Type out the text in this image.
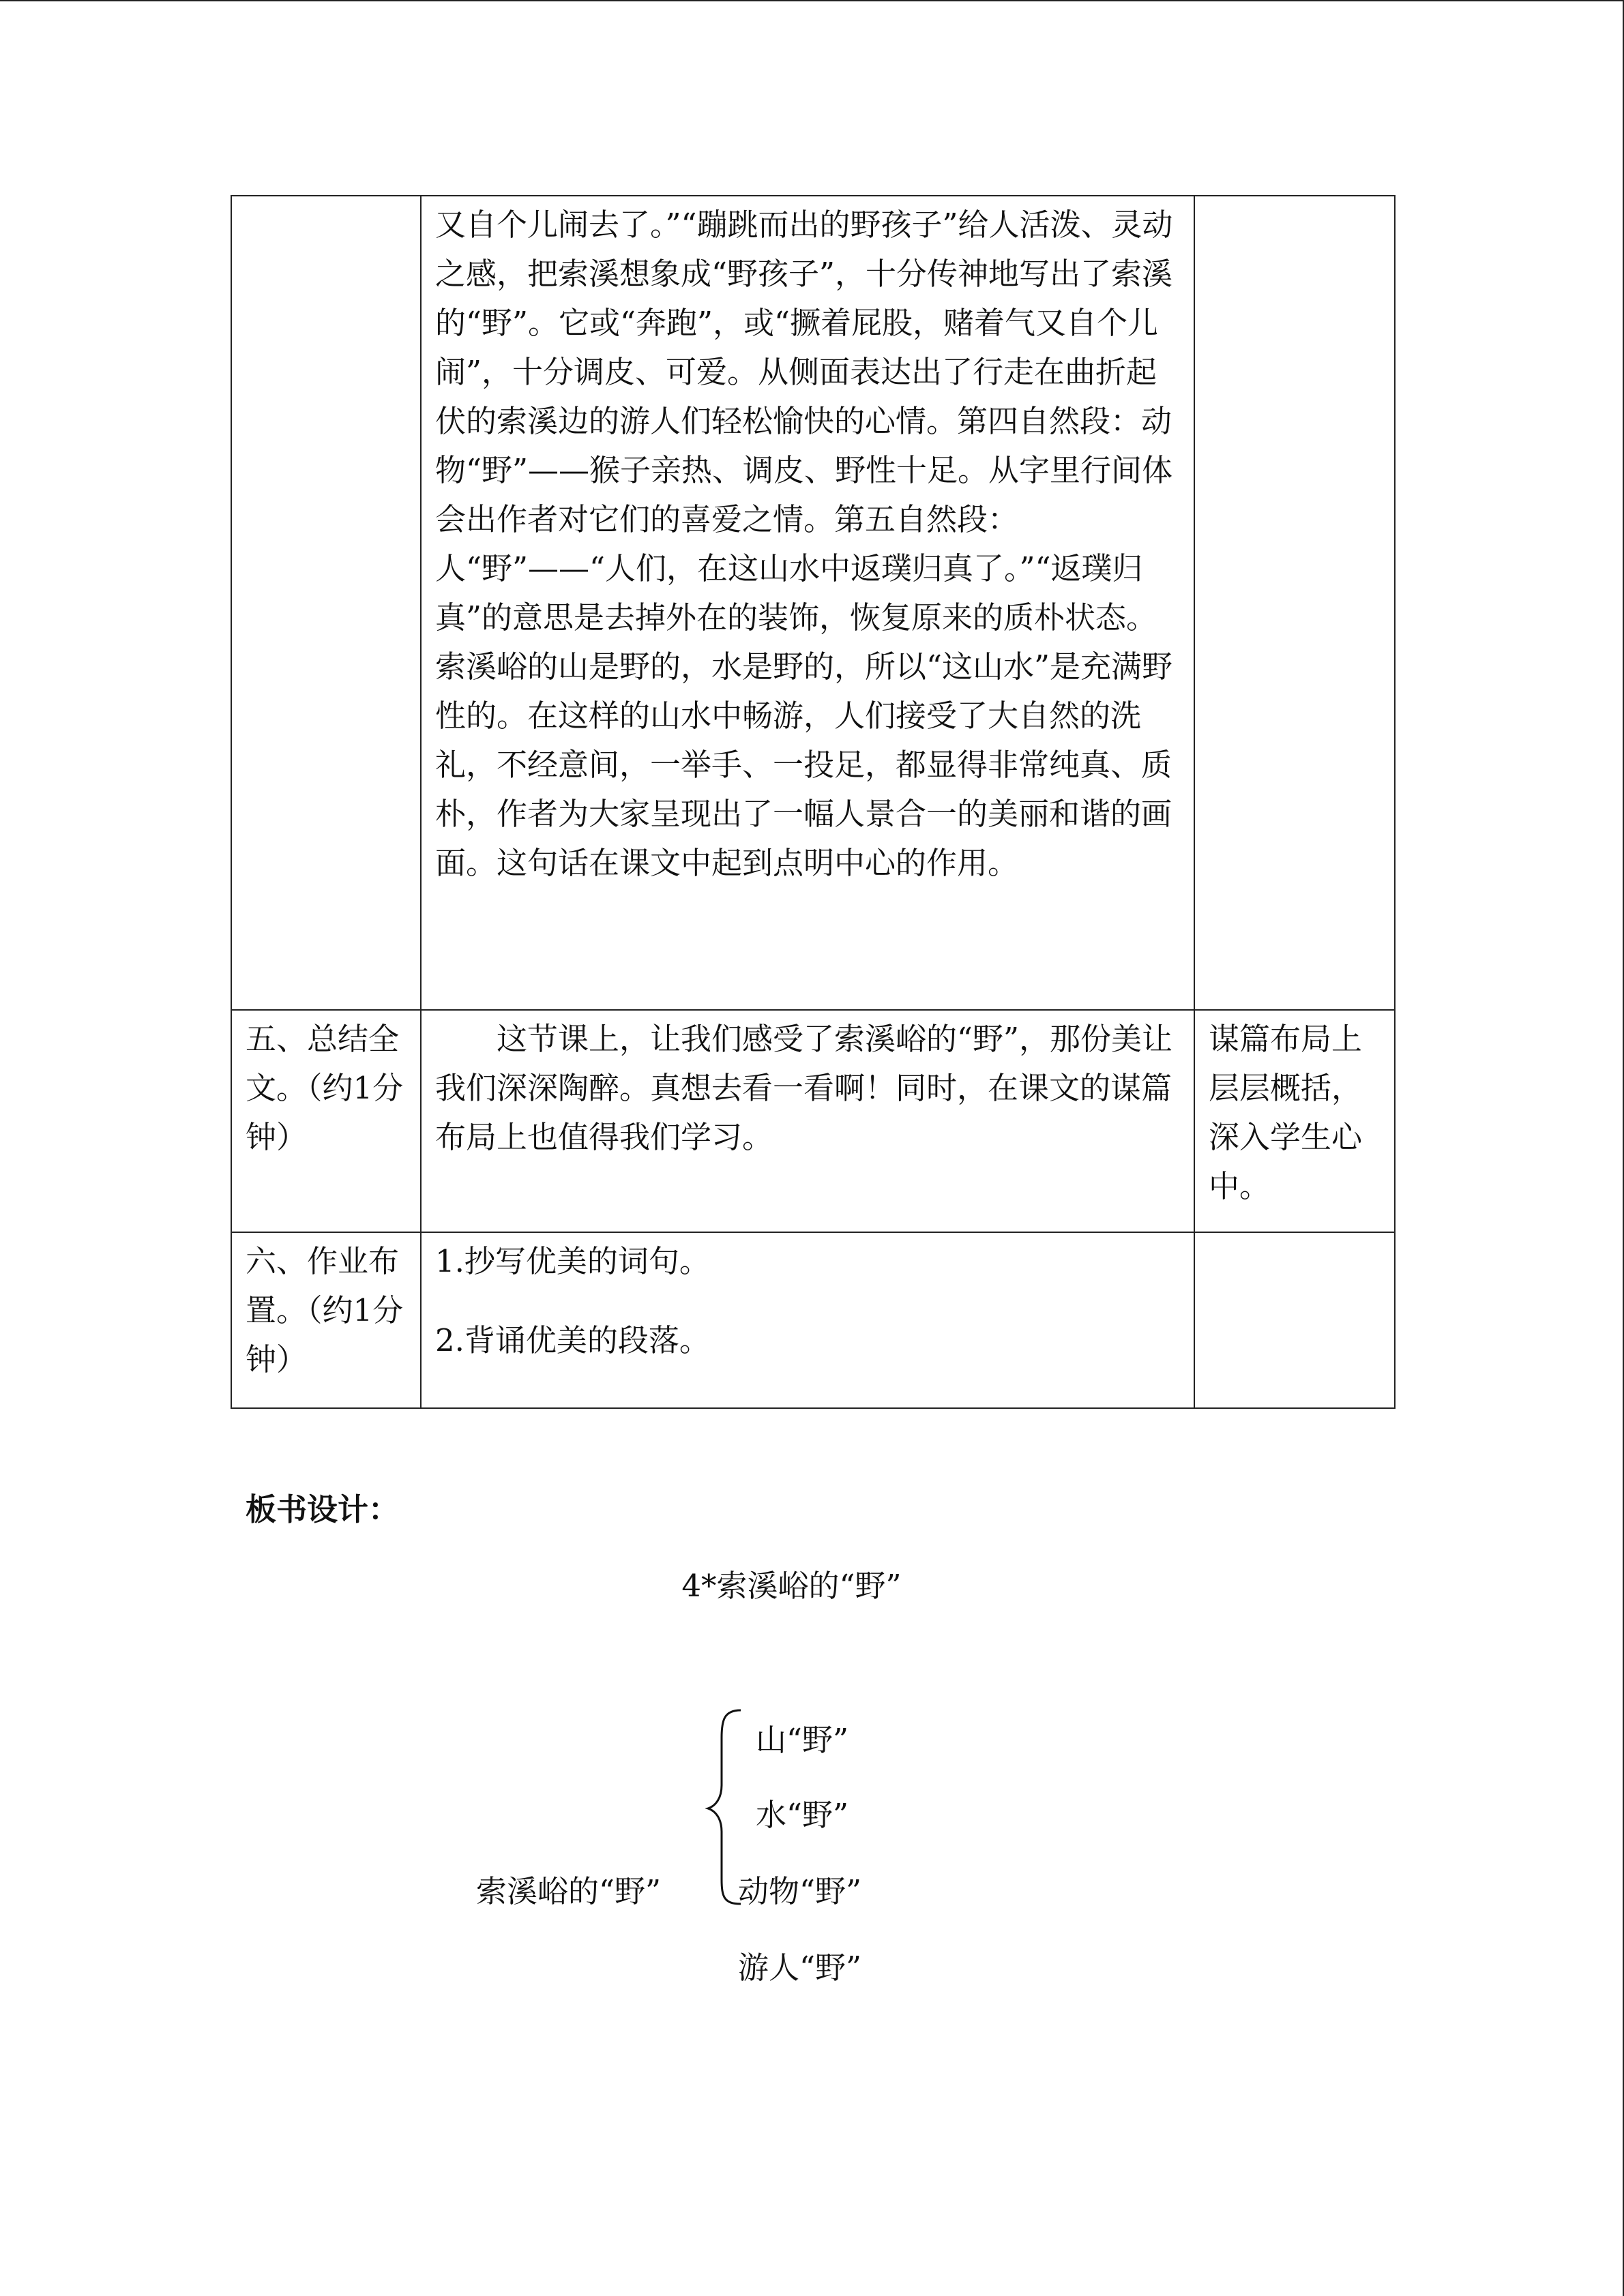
	又自个儿闹去了。”“蹦跳而出的野孩子”给人活泼、灵动之感，把索溪想象成“野孩子”，十分传神地写出了索溪的“野”。它或“奔跑”，或“撅着屁股，赌着气又自个儿闹”，十分调皮、可爱。从侧面表达出了行走在曲折起伏的索溪边的游人们轻松愉快的心情。第四自然段：动物“野”——猴子亲热、调皮、野性十足。从字里行间体会出作者对它们的喜爱之情。第五自然段：人“野”——“人们，在这山水中返璞归真了。”“返璞归真”的意思是去掉外在的装饰，恢复原来的质朴状态。索溪峪的山是野的，水是野的，所以“这山水”是充满野性的。在这样的山水中畅游，人们接受了大自然的洗礼，不经意间，一举手、一投足，都显得非常纯真、质朴，作者为大家呈现出了一幅人景合一的美丽和谐的画面。这句话在课文中起到点明中心的作用。	
五、总结全文。（约1分钟）	这节课上，让我们感受了索溪峪的“野”，那份美让我们深深陶醉。真想去看一看啊！同时，在课文的谋篇布局上也值得我们学习。	谋篇布局上层层概括，深入学生心中。
六、作业布置。（约1分钟）	1.抄写优美的词句。

2.背诵优美的段落。	

板书设计：
4*索溪峪的“野”
索溪峪的“野”
山“野”
水“野”
动物“野”
游人“野”
